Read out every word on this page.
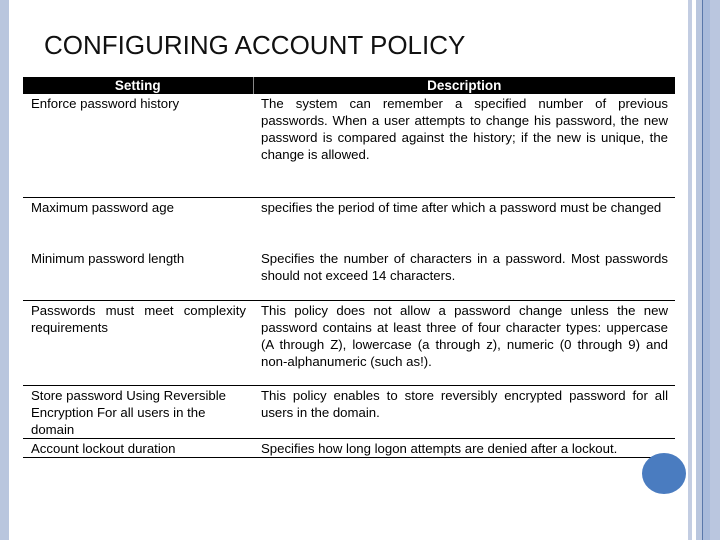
CONFIGURING ACCOUNT POLICY
Setting	Description
Enforce password history	The system can remember a specified number of previous passwords. When a user attempts to change his password, the new password is compared against the history; if the new is unique, the change is allowed.
Maximum password age	specifies the period of time after which a password must be changed
Minimum password length	Specifies the number of characters in a password. Most passwords should not exceed 14 characters.
Passwords must meet complexity requirements	This policy does not allow a password change unless the new password contains at least three of four character types: uppercase (A through Z), lowercase (a through z), numeric (0 through 9) and non-alphanumeric (such as!).
Store password Using Reversible Encryption For all users in the domain	This policy enables to store reversibly encrypted password for all users in the domain.
Account lockout duration	Specifies how long logon attempts are denied after a lockout.
